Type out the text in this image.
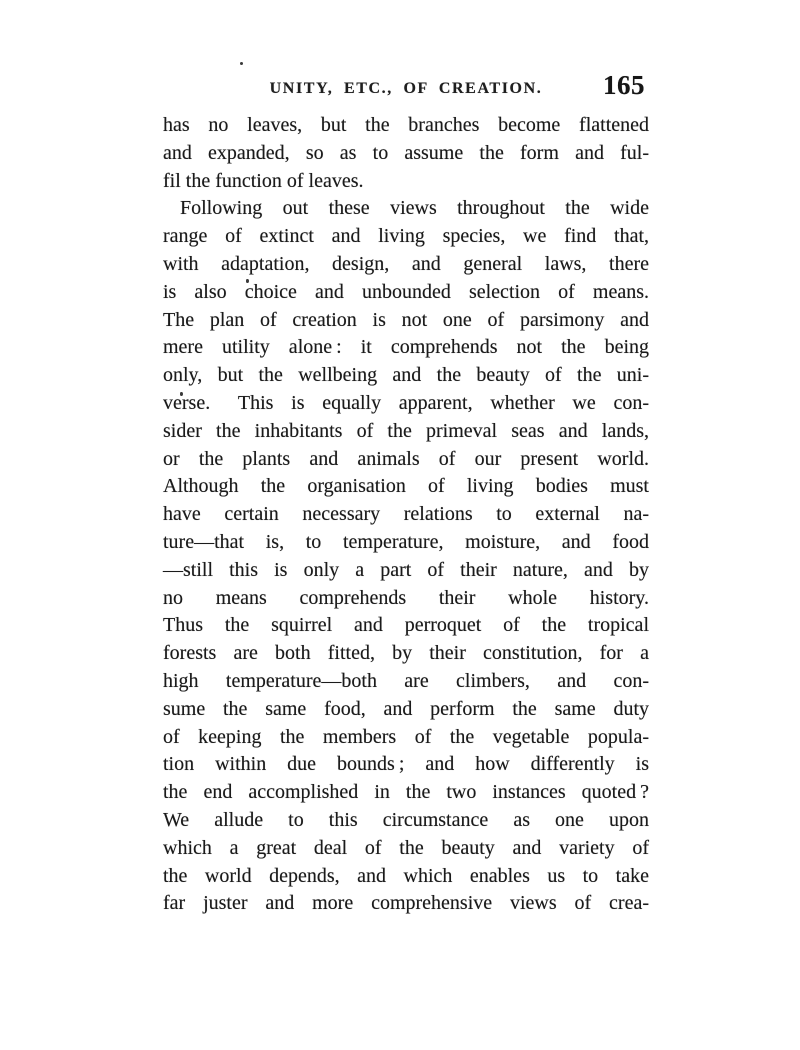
UNITY, ETC., OF CREATION.	165
has no leaves, but the branches become flattened
and expanded, so as to assume the form and ful-
fil the function of leaves.
Following out these views throughout the wide
range of extinct and living species, we find that,
with adaptation, design, and general laws, there
is also choice and unbounded selection of means.
The plan of creation is not one of parsimony and
mere utility alone : it comprehends not the being
only, but the wellbeing and the beauty of the uni-
verse.  This is equally apparent, whether we con-
sider the inhabitants of the primeval seas and lands,
or the plants and animals of our present world.
Although the organisation of living bodies must
have certain necessary relations to external na-
ture—that is, to temperature, moisture, and food
—still this is only a part of their nature, and by
no means comprehends their whole history.
Thus the squirrel and perroquet of the tropical
forests are both fitted, by their constitution, for a
high temperature—both are climbers, and con-
sume the same food, and perform the same duty
of keeping the members of the vegetable popula-
tion within due bounds ; and how differently is
the end accomplished in the two instances quoted ?
We allude to this circumstance as one upon
which a great deal of the beauty and variety of
the world depends, and which enables us to take
far juster and more comprehensive views of crea-
